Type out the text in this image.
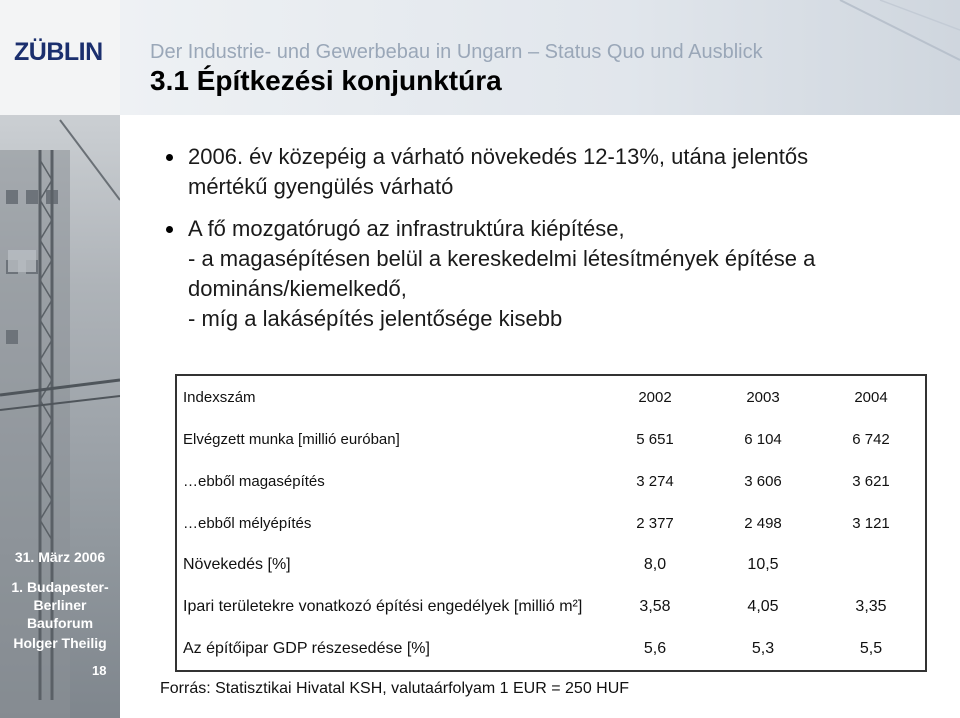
ZÜBLIN Der Industrie- und Gewerbebau in Ungarn – Status Quo und Ausblick
3.1 Építkezési konjunktúra
2006. év közepéig a várható növekedés 12-13%, utána jelentős
mértékű gyengülés várható
A fő mozgatórugó az infrastruktúra kiépítése,
- a magasépítésen belül a kereskedelmi létesítmények építése a
domináns/kiemelkedő,
- míg a lakásépítés jelentősége kisebb
Indexszám	2002	2003	2004
Elvégzett munka [millió euróban]	5 651	6 104	6 742
…ebből magasépítés	3 274	3 606	3 621
…ebből mélyépítés	2 377	2 498	3 121
Növekedés [%]	8,0	10,5	
Ipari területekre vonatkozó építési engedélyek [millió m²]	3,58	4,05	3,35
Az építőipar GDP részesedése [%]	5,6	5,3	5,5
31. März 2006
1. Budapester-
Berliner
Bauforum
Holger Theilig
18
Forrás: Statisztikai Hivatal KSH, valutaárfolyam 1 EUR = 250 HUF
